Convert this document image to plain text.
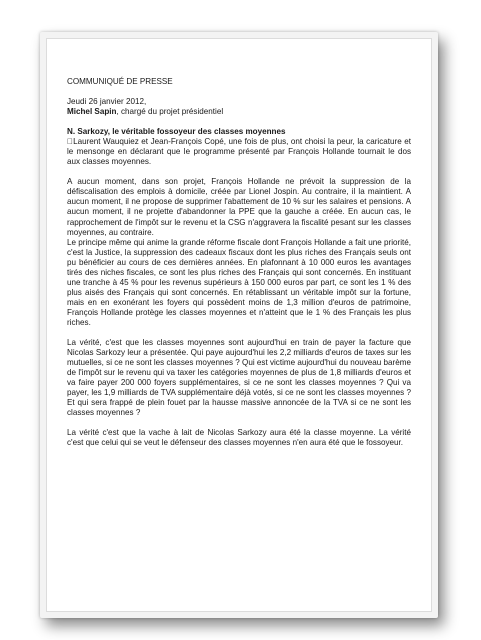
COMMUNIQUÉ DE PRESSE

Jeudi 26 janvier 2012,

Michel Sapin, chargé du projet présidentiel

N. Sarkozy, le véritable fossoyeur des classes moyennes

Laurent Wauquiez et Jean-François Copé, une fois de plus, ont choisi la peur, la caricature et le mensonge en déclarant que le programme présenté par François Hollande tournait le dos aux classes moyennes.

A aucun moment, dans son projet, François Hollande ne prévoit la suppression de la défiscalisation des emplois à domicile, créée par Lionel Jospin. Au contraire, il la maintient. A aucun moment, il ne propose de supprimer l'abattement de 10 % sur les salaires et pensions. A aucun moment, il ne projette d'abandonner la PPE que la gauche a créée. En aucun cas, le rapprochement de l'impôt sur le revenu et la CSG n'aggravera la fiscalité pesant sur les classes moyennes, au contraire.

Le principe même qui anime la grande réforme fiscale dont François Hollande a fait une priorité, c'est la Justice, la suppression des cadeaux fiscaux dont les plus riches des Français seuls ont pu bénéficier au cours de ces dernières années. En plafonnant à 10 000 euros les avantages tirés des niches fiscales, ce sont les plus riches des Français qui sont concernés. En instituant une tranche à 45 % pour les revenus supérieurs à 150 000 euros par part, ce sont les 1 % des plus aisés des Français qui sont concernés. En rétablissant un véritable impôt sur la fortune, mais en en exonérant les foyers qui possèdent moins de 1,3 million d'euros de patrimoine, François Hollande protège les classes moyennes et n'atteint que le 1 % des Français les plus riches.

La vérité, c'est que les classes moyennes sont aujourd'hui en train de payer la facture que Nicolas Sarkozy leur a présentée. Qui paye aujourd'hui les 2,2 milliards d'euros de taxes sur les mutuelles, si ce ne sont les classes moyennes ? Qui est victime aujourd'hui du nouveau barème de l'impôt sur le revenu qui va taxer les catégories moyennes de plus de 1,8 milliards d'euros et va faire payer 200 000 foyers supplémentaires, si ce ne sont les classes moyennes ? Qui va payer, les 1,9 milliards de TVA supplémentaire déjà votés, si ce ne sont les classes moyennes ? Et qui sera frappé de plein fouet par la hausse massive annoncée de la TVA si ce ne sont les classes moyennes ?

La vérité c'est que la vache à lait de Nicolas Sarkozy aura été la classe moyenne. La vérité c'est que celui qui se veut le défenseur des classes moyennes n'en aura été que le fossoyeur.
